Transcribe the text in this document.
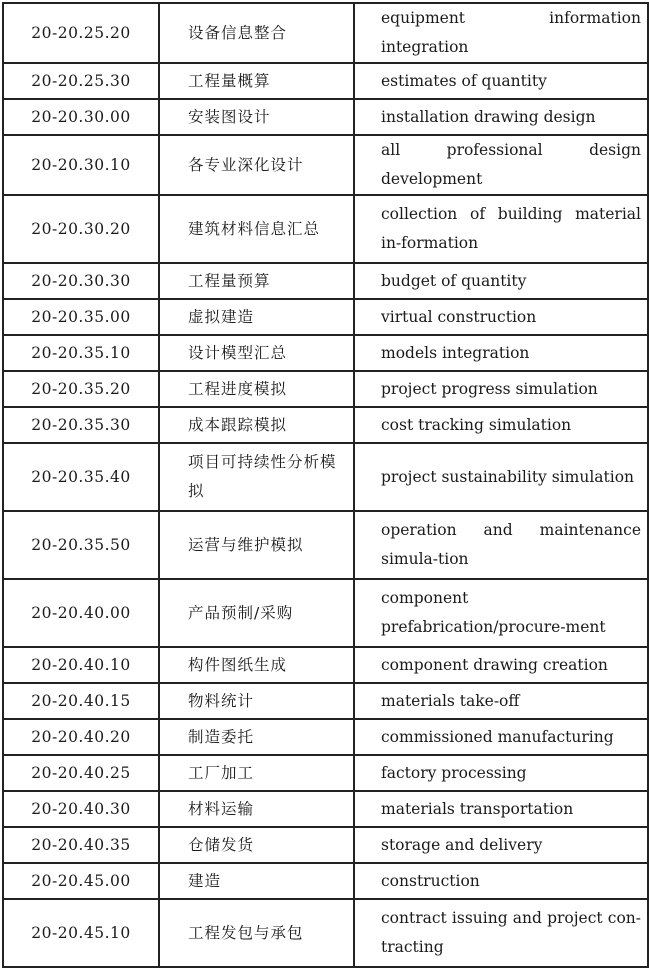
20-20.25.20	设备信息整合	equipment information integration
20-20.25.30	工程量概算	estimates of quantity
20-20.30.00	安装图设计	installation drawing design
20-20.30.10	各专业深化设计	all professional design development
20-20.30.20	建筑材料信息汇总	collection of building material in-formation
20-20.30.30	工程量预算	budget of quantity
20-20.35.00	虚拟建造	virtual construction
20-20.35.10	设计模型汇总	models integration
20-20.35.20	工程进度模拟	project progress simulation
20-20.35.30	成本跟踪模拟	cost tracking simulation
20-20.35.40	项目可持续性分析模拟	project sustainability simulation
20-20.35.50	运营与维护模拟	operation and maintenance simula-tion
20-20.40.00	产品预制/采购	component prefabrication/procure-ment
20-20.40.10	构件图纸生成	component drawing creation
20-20.40.15	物料统计	materials take-off
20-20.40.20	制造委托	commissioned manufacturing
20-20.40.25	工厂加工	factory processing
20-20.40.30	材料运输	materials transportation
20-20.40.35	仓储发货	storage and delivery
20-20.45.00	建造	construction
20-20.45.10	工程发包与承包	contract issuing and project con-tracting
